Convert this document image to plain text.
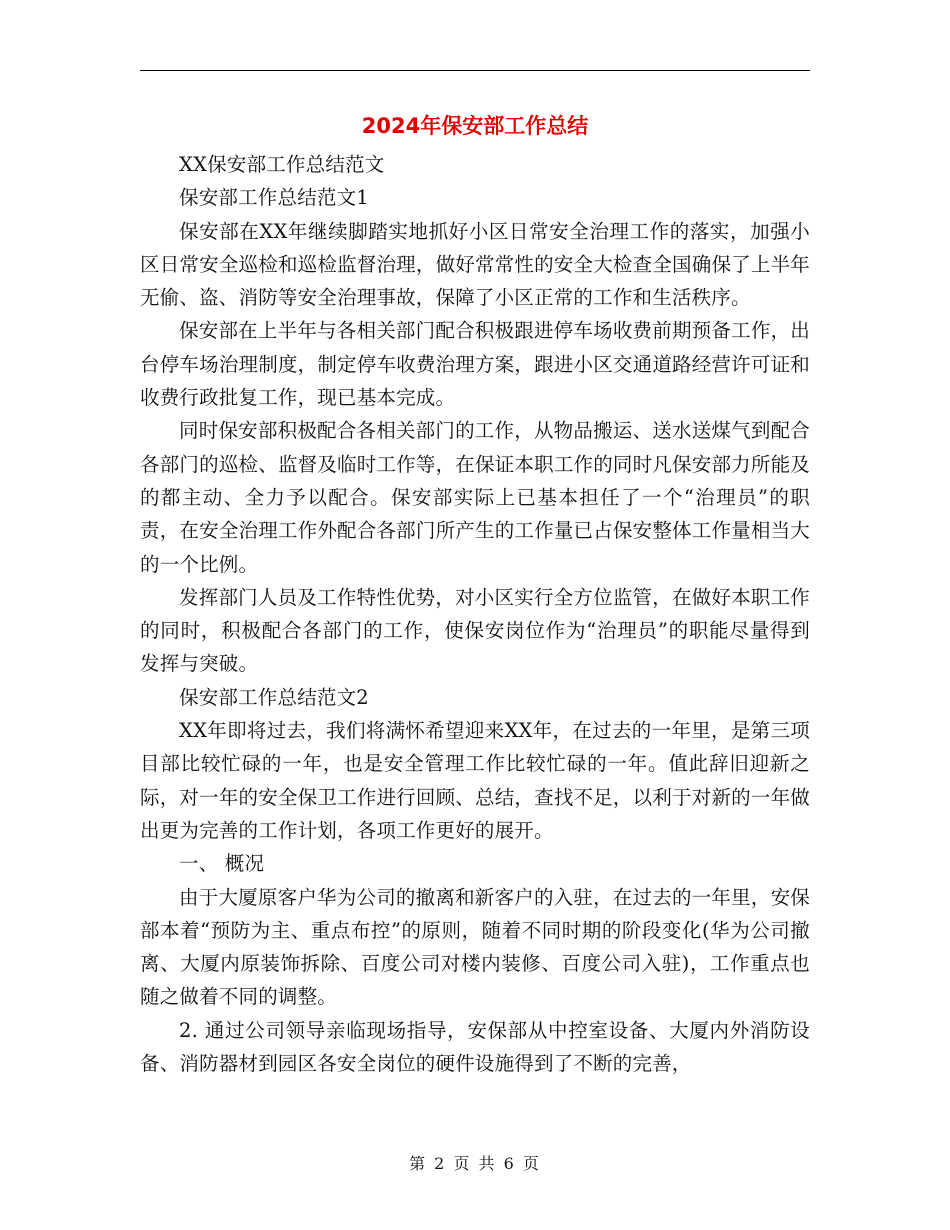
2024年保安部工作总结

XX保安部工作总结范文

保安部工作总结范文1

保安部在XX年继续脚踏实地抓好小区日常安全治理工作的落实，加强小区日常安全巡检和巡检监督治理，做好常常性的安全大检查全国确保了上半年无偷、盗、消防等安全治理事故，保障了小区正常的工作和生活秩序。

保安部在上半年与各相关部门配合积极跟进停车场收费前期预备工作，出台停车场治理制度，制定停车收费治理方案，跟进小区交通道路经营许可证和收费行政批复工作，现已基本完成。

同时保安部积极配合各相关部门的工作，从物品搬运、送水送煤气到配合各部门的巡检、监督及临时工作等，在保证本职工作的同时凡保安部力所能及的都主动、全力予以配合。保安部实际上已基本担任了一个“治理员”的职责，在安全治理工作外配合各部门所产生的工作量已占保安整体工作量相当大的一个比例。

发挥部门人员及工作特性优势，对小区实行全方位监管，在做好本职工作的同时，积极配合各部门的工作，使保安岗位作为“治理员”的职能尽量得到发挥与突破。

保安部工作总结范文2

XX年即将过去，我们将满怀希望迎来XX年，在过去的一年里，是第三项目部比较忙碌的一年，也是安全管理工作比较忙碌的一年。值此辞旧迎新之际，对一年的安全保卫工作进行回顾、总结，查找不足，以利于对新的一年做出更为完善的工作计划，各项工作更好的展开。

一、 概况

由于大厦原客户华为公司的撤离和新客户的入驻，在过去的一年里，安保部本着“预防为主、重点布控”的原则，随着不同时期的阶段变化(华为公司撤离、大厦内原装饰拆除、百度公司对楼内装修、百度公司入驻)，工作重点也随之做着不同的调整。

2. 通过公司领导亲临现场指导，安保部从中控室设备、大厦内外消防设备、消防器材到园区各安全岗位的硬件设施得到了不断的完善，

第 2 页 共 6 页
